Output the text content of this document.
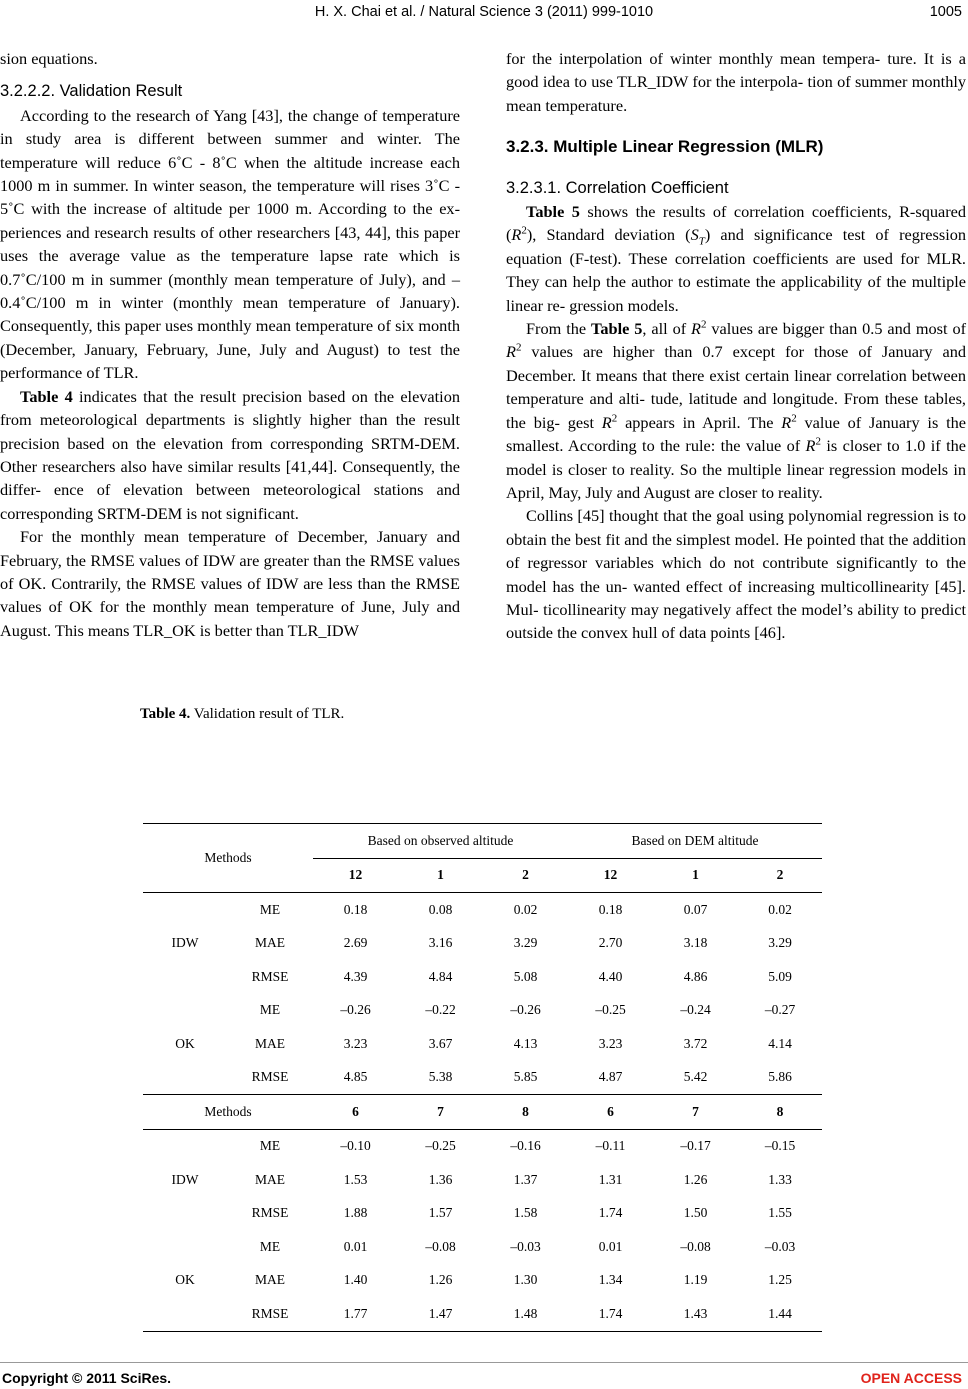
H. X. Chai et al. / Natural Science 3 (2011) 999-1010	1005

sion equations.

3.2.2.2. Validation Result

According to the research of Yang [43], the change of temperature in study area is different between summer and winter. The temperature will reduce 6˚C - 8˚C when the altitude increase each 1000 m in summer. In winter season, the temperature will rises 3˚C - 5˚C with the increase of altitude per 1000 m. According to the ex- periences and research results of other researchers [43, 44], this paper uses the average value as the temperature lapse rate which is 0.7˚C/100 m in summer (monthly mean temperature of July), and –0.4˚C/100 m in winter (monthly mean temperature of January). Consequently, this paper uses monthly mean temperature of six month (December, January, February, June, July and August) to test the performance of TLR.

Table 4 indicates that the result precision based on the elevation from meteorological departments is slightly higher than the result precision based on the elevation from corresponding SRTM-DEM. Other researchers also have similar results [41,44]. Consequently, the differ- ence of elevation between meteorological stations and corresponding SRTM-DEM is not significant.

For the monthly mean temperature of December, January and February, the RMSE values of IDW are greater than the RMSE values of OK. Contrarily, the RMSE values of IDW are less than the RMSE values of OK for the monthly mean temperature of June, July and August. This means TLR_OK is better than TLR_IDW

for the interpolation of winter monthly mean tempera- ture. It is a good idea to use TLR_IDW for the interpola- tion of summer monthly mean temperature.

3.2.3. Multiple Linear Regression (MLR)

3.2.3.1. Correlation Coefficient

Table 5 shows the results of correlation coefficients, R-squared $(R^2)$, Standard deviation $(S_T)$ and significance test of regression equation (F-test). These correlation coefficients are used for MLR. They can help the author to estimate the applicability of the multiple linear re- gression models.

From the Table 5, all of $R^2$ values are bigger than 0.5 and most of $R^2$ values are higher than 0.7 except for those of January and December. It means that there exist certain linear correlation between temperature and alti- tude, latitude and longitude. From these tables, the big- gest $R^2$ appears in April. The $R^2$ value of January is the smallest. According to the rule: the value of $R^2$ is closer to 1.0 if the model is closer to reality. So the multiple linear regression models in April, May, July and August are closer to reality.

Collins [45] thought that the goal using polynomial regression is to obtain the best fit and the simplest model. He pointed that the addition of regressor variables which do not contribute significantly to the model has the un- wanted effect of increasing multicollinearity [45]. Mul- ticollinearity may negatively affect the model’s ability to predict outside the convex hull of data points [46].

Table 4. Validation result of TLR.
Methods		Based on observed altitude			Based on DEM altitude		
		12	1	2	12	1	2
IDW	ME	0.18	0.08	0.02	0.18	0.07	0.02
	MAE	2.69	3.16	3.29	2.70	3.18	3.29
	RMSE	4.39	4.84	5.08	4.40	4.86	5.09
OK	ME	–0.26	–0.22	–0.26	–0.25	–0.24	–0.27
	MAE	3.23	3.67	4.13	3.23	3.72	4.14
	RMSE	4.85	5.38	5.85	4.87	5.42	5.86
Methods		6	7	8	6	7	8
IDW	ME	–0.10	–0.25	–0.16	–0.11	–0.17	–0.15
	MAE	1.53	1.36	1.37	1.31	1.26	1.33
	RMSE	1.88	1.57	1.58	1.74	1.50	1.55
OK	ME	0.01	–0.08	–0.03	0.01	–0.08	–0.03
	MAE	1.40	1.26	1.30	1.34	1.19	1.25
	RMSE	1.77	1.47	1.48	1.74	1.43	1.44
Copyright © 2011 SciRes.	OPEN ACCESS
